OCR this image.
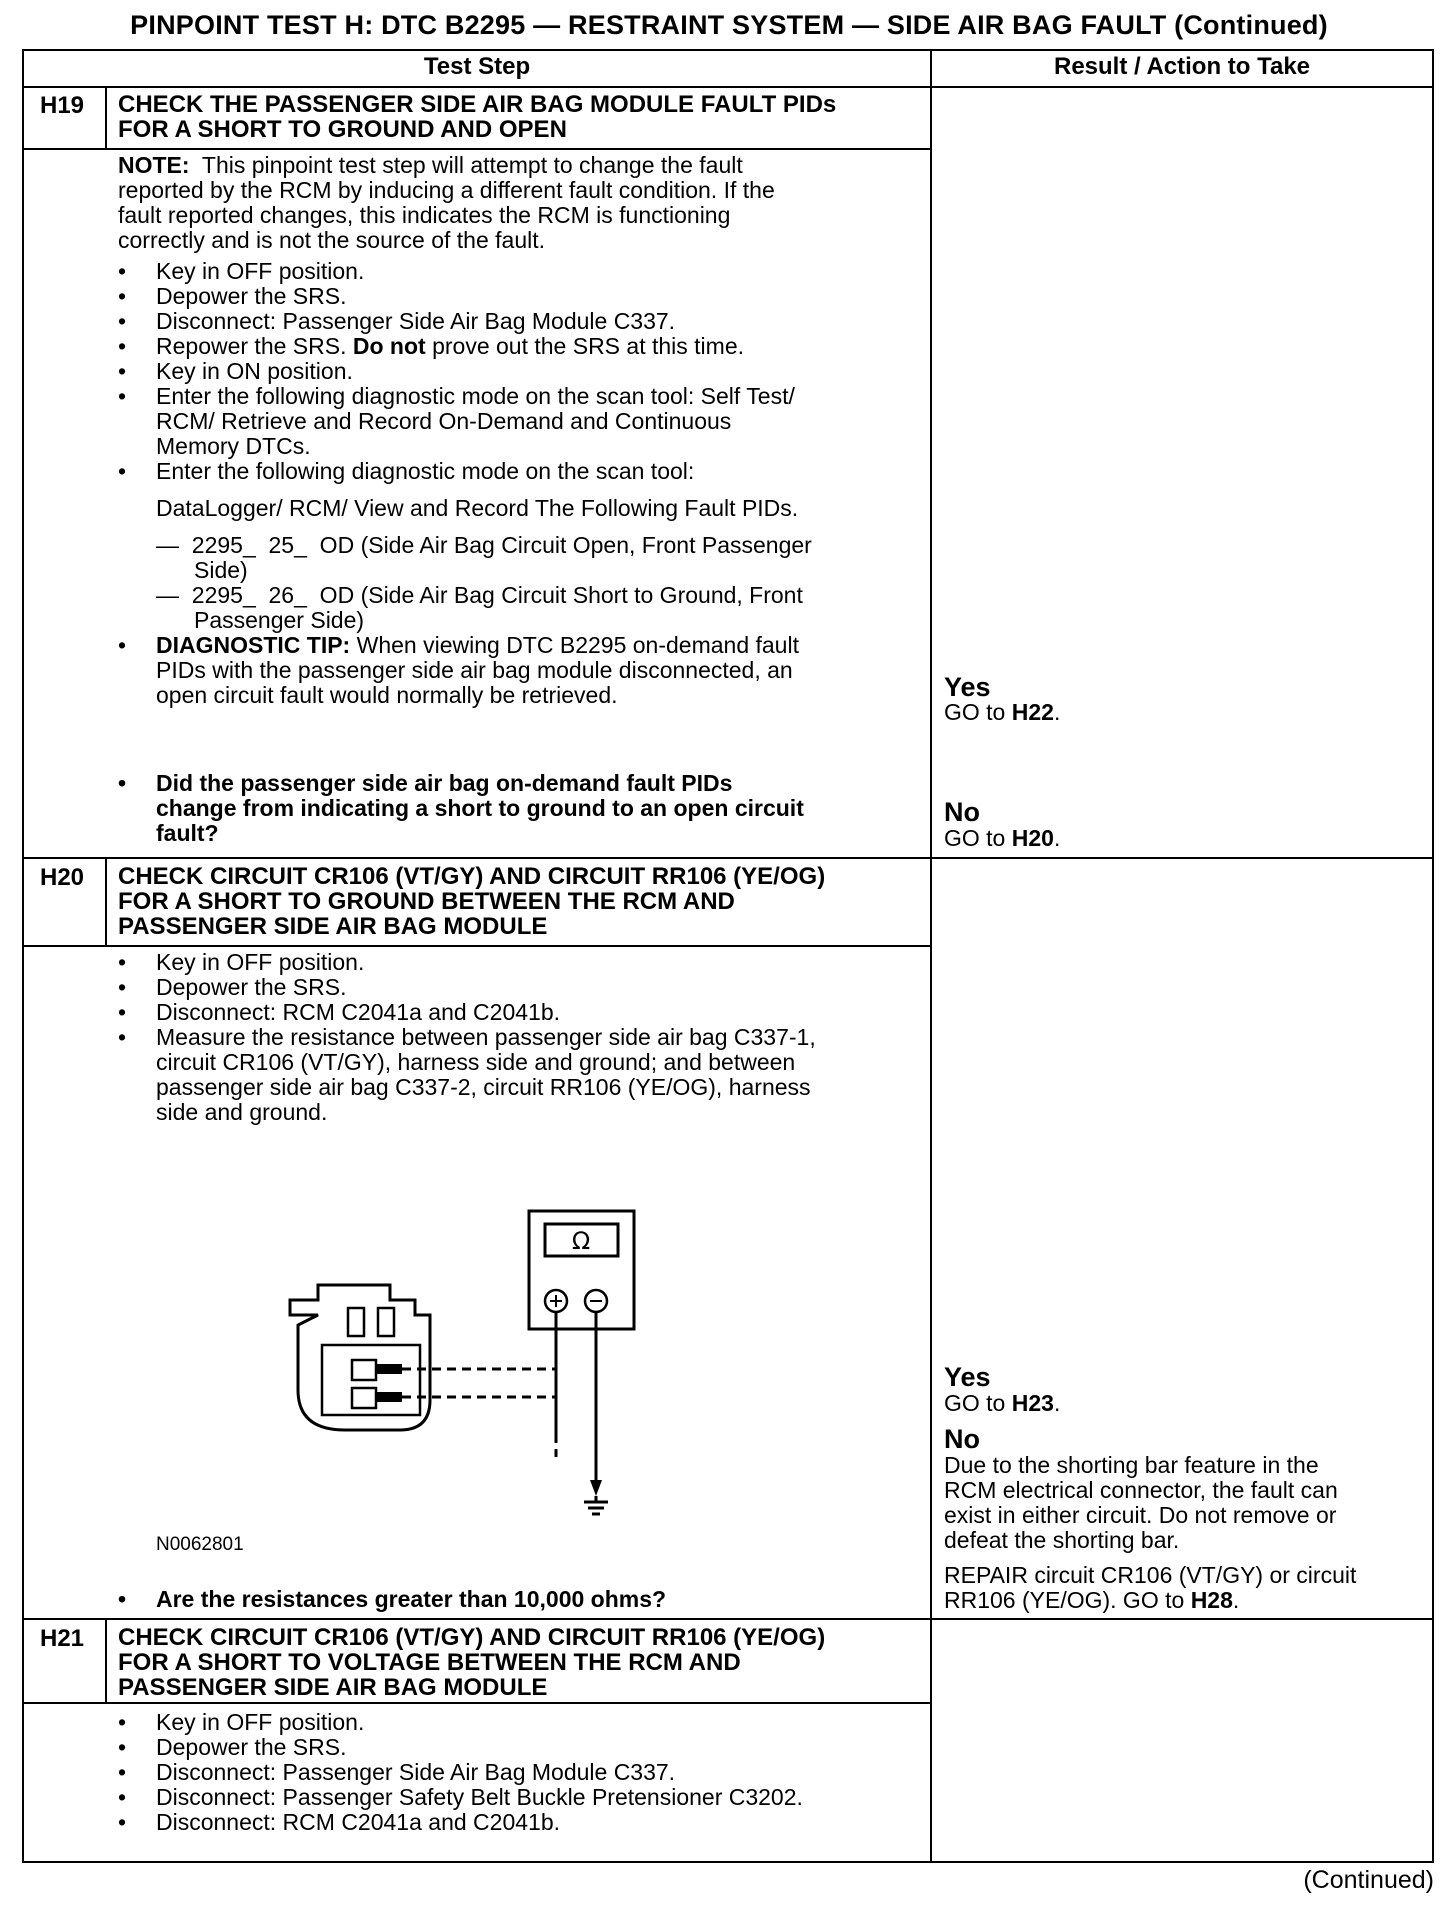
PINPOINT TEST H: DTC B2295 — RESTRAINT SYSTEM — SIDE AIR BAG FAULT (Continued)
Test Step	Result / Action to Take
H19 CHECK THE PASSENGER SIDE AIR BAG MODULE FAULT PIDs
FOR A SHORT TO GROUND AND OPEN
NOTE:  This pinpoint test step will attempt to change the fault
reported by the RCM by inducing a different fault condition. If the
fault reported changes, this indicates the RCM is functioning
correctly and is not the source of the fault.
• Key in OFF position.
• Depower the SRS.
• Disconnect: Passenger Side Air Bag Module C337.
• Repower the SRS. Do not prove out the SRS at this time.
• Key in ON position.
• Enter the following diagnostic mode on the scan tool: Self Test/
RCM/ Retrieve and Record On-Demand and Continuous
Memory DTCs.
• Enter the following diagnostic mode on the scan tool:
DataLogger/ RCM/ View and Record The Following Fault PIDs.
—  2295_  25_  OD (Side Air Bag Circuit Open, Front Passenger
Side)
—  2295_  26_  OD (Side Air Bag Circuit Short to Ground, Front
Passenger Side)
• DIAGNOSTIC TIP: When viewing DTC B2295 on-demand fault
PIDs with the passenger side air bag module disconnected, an
open circuit fault would normally be retrieved.
• Did the passenger side air bag on-demand fault PIDs
change from indicating a short to ground to an open circuit
fault?
Yes
GO to H22.
No
GO to H20.
H20 CHECK CIRCUIT CR106 (VT/GY) AND CIRCUIT RR106 (YE/OG)
FOR A SHORT TO GROUND BETWEEN THE RCM AND
PASSENGER SIDE AIR BAG MODULE
• Key in OFF position.
• Depower the SRS.
• Disconnect: RCM C2041a and C2041b.
• Measure the resistance between passenger side air bag C337-1,
circuit CR106 (VT/GY), harness side and ground; and between
passenger side air bag C337-2, circuit RR106 (YE/OG), harness
side and ground.
Ω
N0062801
• Are the resistances greater than 10,000 ohms?
Yes
GO to H23.
No
Due to the shorting bar feature in the
RCM electrical connector, the fault can
exist in either circuit. Do not remove or
defeat the shorting bar.
REPAIR circuit CR106 (VT/GY) or circuit
RR106 (YE/OG). GO to H28.
H21 CHECK CIRCUIT CR106 (VT/GY) AND CIRCUIT RR106 (YE/OG)
FOR A SHORT TO VOLTAGE BETWEEN THE RCM AND
PASSENGER SIDE AIR BAG MODULE
• Key in OFF position.
• Depower the SRS.
• Disconnect: Passenger Side Air Bag Module C337.
• Disconnect: Passenger Safety Belt Buckle Pretensioner C3202.
• Disconnect: RCM C2041a and C2041b.
(Continued)
